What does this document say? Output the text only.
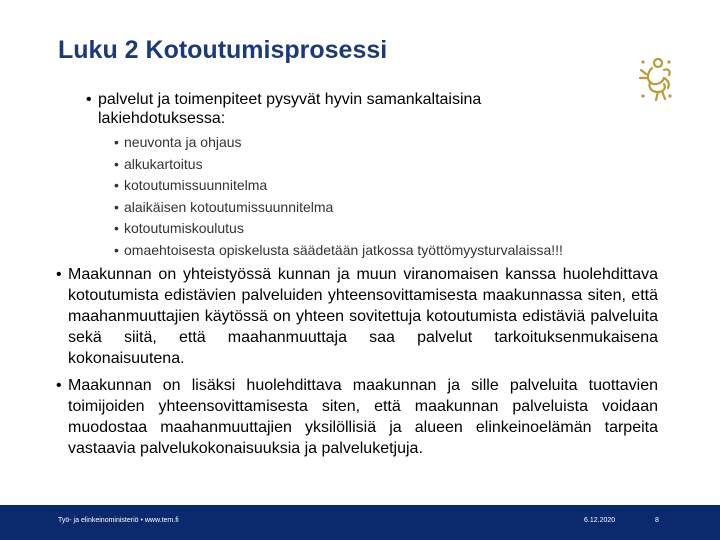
Luku 2 Kotoutumisprosessi
• palvelut ja toimenpiteet pysyvät hyvin samankaltaisina lakiehdotuksessa:
• neuvonta ja ohjaus
• alkukartoitus
• kotoutumissuunnitelma
• alaikäisen kotoutumissuunnitelma
• kotoutumiskoulutus
• omaehtoisesta opiskelusta säädetään jatkossa työttömyysturvalaissa!!!
• Maakunnan on yhteistyössä kunnan ja muun viranomaisen kanssa huolehdittava kotoutumista edistävien palveluiden yhteensovittamisesta maakunnassa siten, että maahanmuuttajien käytössä on yhteen sovitettuja kotoutumista edistäviä palveluita sekä siitä, että maahanmuuttaja saa palvelut tarkoituksenmukaisena kokonaisuutena.
• Maakunnan on lisäksi huolehdittava maakunnan ja sille palveluita tuottavien toimijoiden yhteensovittamisesta siten, että maakunnan palveluista voidaan muodostaa maahanmuuttajien yksilöllisiä ja alueen elinkeinoelämän tarpeita vastaavia palvelukokonaisuuksia ja palveluketjuja.
Työ- ja elinkeinoministeriö • www.tem.fi	6.12.2020	8
